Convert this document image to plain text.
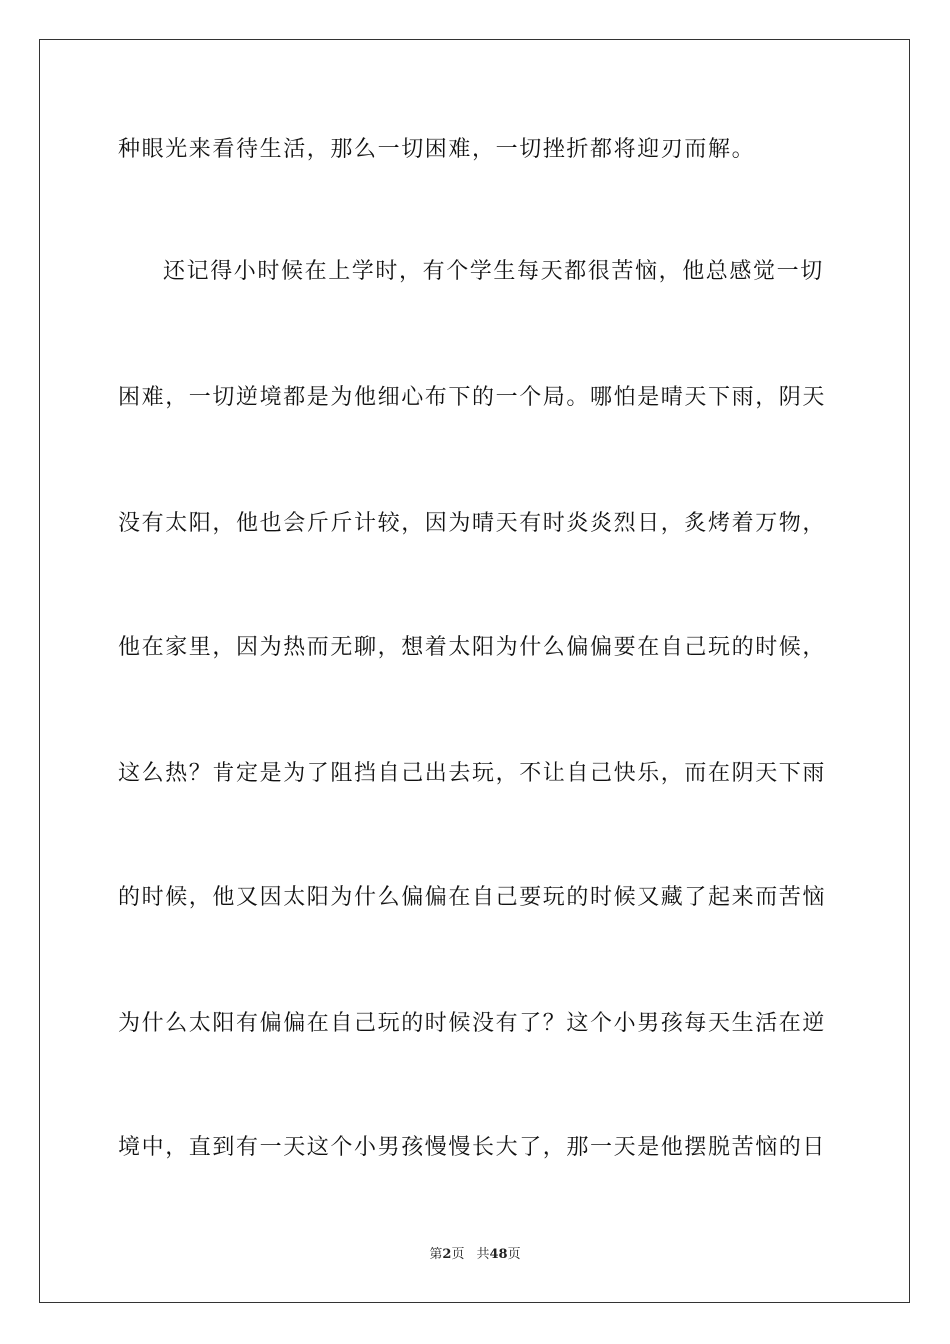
种眼光来看待生活，那么一切困难，一切挫折都将迎刃而解。
还记得小时候在上学时，有个学生每天都很苦恼，他总感觉一切
困难，一切逆境都是为他细心布下的一个局。哪怕是晴天下雨，阴天
没有太阳，他也会斤斤计较，因为晴天有时炎炎烈日，炙烤着万物，
他在家里，因为热而无聊，想着太阳为什么偏偏要在自己玩的时候，
这么热？肯定是为了阻挡自己出去玩，不让自己快乐，而在阴天下雨
的时候，他又因太阳为什么偏偏在自己要玩的时候又藏了起来而苦恼
为什么太阳有偏偏在自己玩的时候没有了？这个小男孩每天生活在逆
境中，直到有一天这个小男孩慢慢长大了，那一天是他摆脱苦恼的日
第2页 共48页
